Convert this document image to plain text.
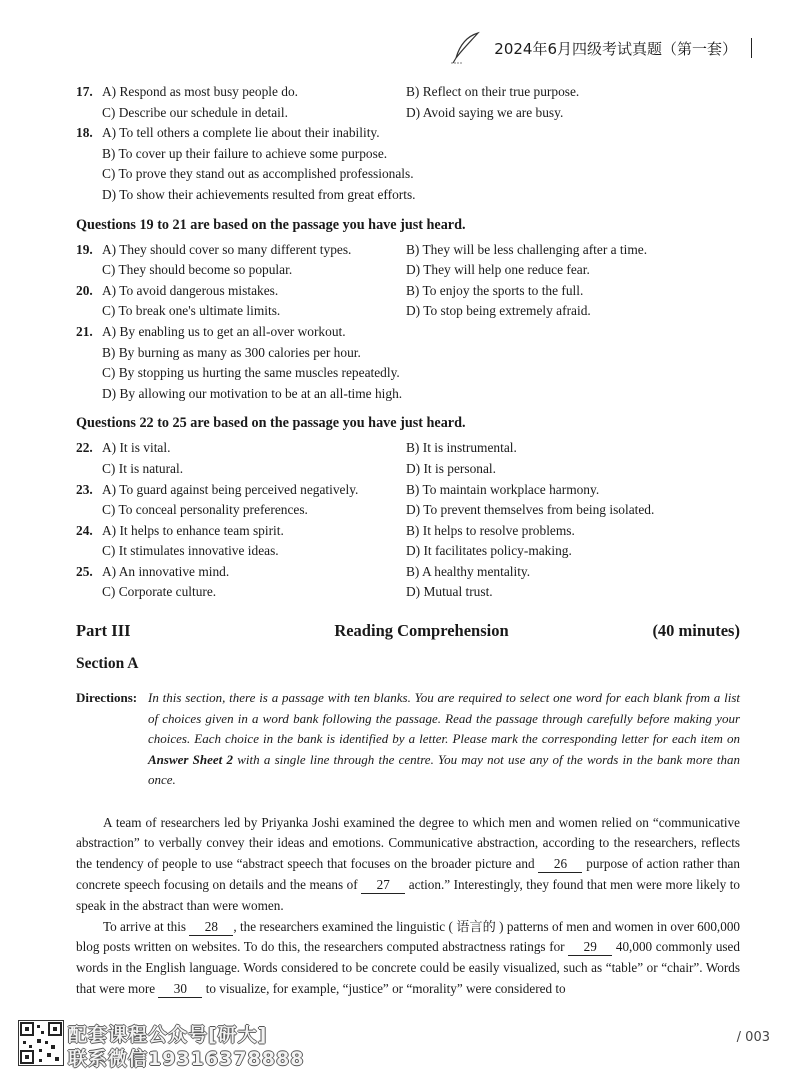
2024年6月四级考试真题（第一套）
17. A) Respond as most busy people do.	B) Reflect on their true purpose.
C) Describe our schedule in detail.	D) Avoid saying we are busy.
18. A) To tell others a complete lie about their inability.
B) To cover up their failure to achieve some purpose.
C) To prove they stand out as accomplished professionals.
D) To show their achievements resulted from great efforts.
Questions 19 to 21 are based on the passage you have just heard.
19. A) They should cover so many different types.	B) They will be less challenging after a time.
C) They should become so popular.	D) They will help one reduce fear.
20. A) To avoid dangerous mistakes.	B) To enjoy the sports to the full.
C) To break one's ultimate limits.	D) To stop being extremely afraid.
21. A) By enabling us to get an all-over workout.
B) By burning as many as 300 calories per hour.
C) By stopping us hurting the same muscles repeatedly.
D) By allowing our motivation to be at an all-time high.
Questions 22 to 25 are based on the passage you have just heard.
22. A) It is vital.	B) It is instrumental.
C) It is natural.	D) It is personal.
23. A) To guard against being perceived negatively.	B) To maintain workplace harmony.
C) To conceal personality preferences.	D) To prevent themselves from being isolated.
24. A) It helps to enhance team spirit.	B) It helps to resolve problems.
C) It stimulates innovative ideas.	D) It facilitates policy-making.
25. A) An innovative mind.	B) A healthy mentality.
C) Corporate culture.	D) Mutual trust.
Part III	Reading Comprehension	(40 minutes)
Section A
Directions: In this section, there is a passage with ten blanks. You are required to select one word for each blank from a list of choices given in a word bank following the passage. Read the passage through carefully before making your choices. Each choice in the bank is identified by a letter. Please mark the corresponding letter for each item on Answer Sheet 2 with a single line through the centre. You may not use any of the words in the bank more than once.

A team of researchers led by Priyanka Joshi examined the degree to which men and women relied on “communicative abstraction” to verbally convey their ideas and emotions. Communicative abstraction, according to the researchers, reflects the tendency of people to use “abstract speech that focuses on the broader picture and 26 purpose of action rather than concrete speech focusing on details and the means of 27 action.” Interestingly, they found that men were more likely to speak in the abstract than were women.

To arrive at this 28 , the researchers examined the linguistic ( 语言的 ) patterns of men and women in over 600,000 blog posts written on websites. To do this, the researchers computed abstractness ratings for 29 40,000 commonly used words in the English language. Words considered to be concrete could be easily visualized, such as “table” or “chair”. Words that were more 30 to visualize, for example, “justice” or “morality” were considered to

配套课程公众号[研大]
联系微信19316378888
/ 003
